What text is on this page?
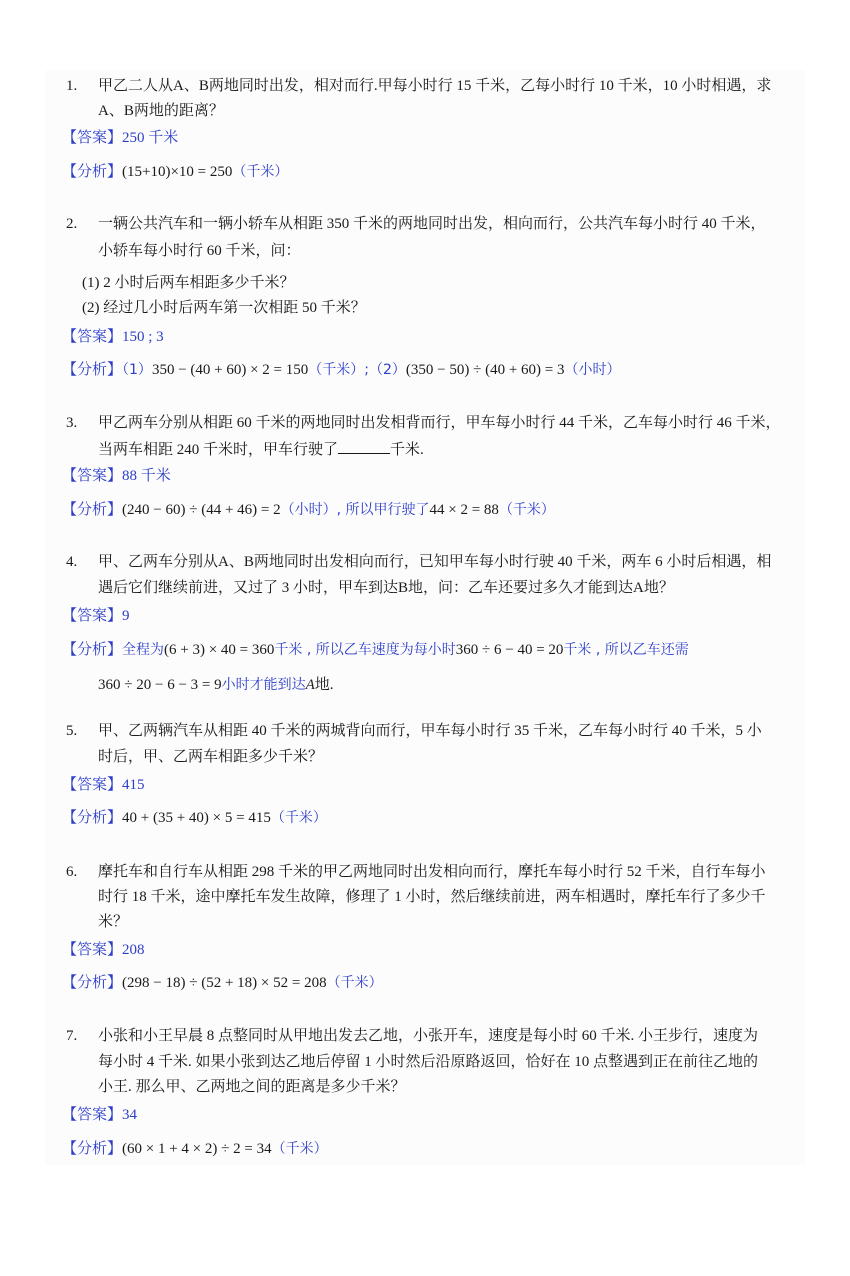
1. 甲乙二人从A、B两地同时出发，相对而行.甲每小时行 15 千米，乙每小时行 10 千米，10 小时相遇，求
A、B两地的距离？
【答案】250 千米
【分析】(15+10)×10 = 250（千米）
2. 一辆公共汽车和一辆小轿车从相距 350 千米的两地同时出发，相向而行，公共汽车每小时行 40 千米，
小轿车每小时行 60 千米，问：
(1) 2 小时后两车相距多少千米？
(2) 经过几小时后两车第一次相距 50 千米？
【答案】150 ; 3
【分析】（1）350 − (40 + 60) × 2 = 150（千米）;（2）(350 − 50) ÷ (40 + 60) = 3（小时）
3. 甲乙两车分别从相距 60 千米的两地同时出发相背而行，甲车每小时行 44 千米，乙车每小时行 46 千米，
当两车相距 240 千米时，甲车行驶了	千米.
【答案】88 千米
【分析】(240 − 60) ÷ (44 + 46) = 2（小时）, 所以甲行驶了44 × 2 = 88（千米）
4. 甲、乙两车分别从A、B两地同时出发相向而行，已知甲车每小时行驶 40 千米，两车 6 小时后相遇，相
遇后它们继续前进，又过了 3 小时，甲车到达B地，问：乙车还要过多久才能到达A地？
【答案】9
【分析】全程为(6 + 3) × 40 = 360千米 , 所以乙车速度为每小时360 ÷ 6 − 40 = 20千米 , 所以乙车还需
360 ÷ 20 − 6 − 3 = 9小时才能到达A地.
5. 甲、乙两辆汽车从相距 40 千米的两城背向而行，甲车每小时行 35 千米，乙车每小时行 40 千米，5 小
时后，甲、乙两车相距多少千米？
【答案】415
【分析】40 + (35 + 40) × 5 = 415（千米）
6. 摩托车和自行车从相距 298 千米的甲乙两地同时出发相向而行，摩托车每小时行 52 千米，自行车每小
时行 18 千米，途中摩托车发生故障，修理了 1 小时，然后继续前进，两车相遇时，摩托车行了多少千
米？
【答案】208
【分析】(298 − 18) ÷ (52 + 18) × 52 = 208（千米）
7. 小张和小王早晨 8 点整同时从甲地出发去乙地，小张开车，速度是每小时 60 千米. 小王步行，速度为
每小时 4 千米. 如果小张到达乙地后停留 1 小时然后沿原路返回，恰好在 10 点整遇到正在前往乙地的
小王. 那么甲、乙两地之间的距离是多少千米？
【答案】34
【分析】(60 × 1 + 4 × 2) ÷ 2 = 34（千米）
